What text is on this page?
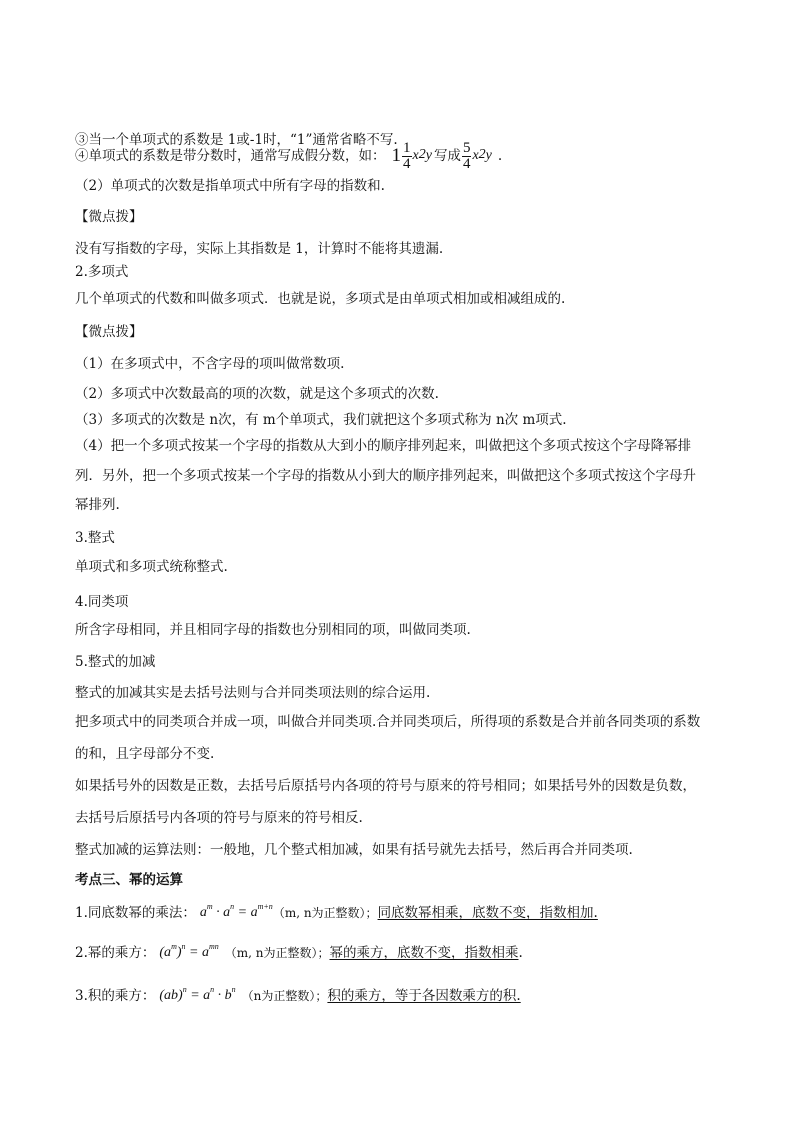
③当一个单项式的系数是 1或-1时，“1”通常省略不写.
④单项式的系数是带分数时，通常写成假分数，如： $1 \frac{1}{4} x^2$ y 写成 $\frac{5}{4} x^2$ y .
（2）单项式的次数是指单项式中所有字母的指数和.
【微点拨】
没有写指数的字母，实际上其指数是 1，计算时不能将其遗漏.
2.多项式
几个单项式的代数和叫做多项式．也就是说，多项式是由单项式相加或相减组成的.
【微点拨】
（1）在多项式中，不含字母的项叫做常数项.
（2）多项式中次数最高的项的次数，就是这个多项式的次数.
（3）多项式的次数是 n次，有 m个单项式，我们就把这个多项式称为 n次 m项式.
（4）把一个多项式按某一个字母的指数从大到小的顺序排列起来，叫做把这个多项式按这个字母降幂排
列．另外，把一个多项式按某一个字母的指数从小到大的顺序排列起来，叫做把这个多项式按这个字母升
幂排列.
3.整式
单项式和多项式统称整式.
4.同类项
所含字母相同，并且相同字母的指数也分别相同的项，叫做同类项.
5.整式的加减
整式的加减其实是去括号法则与合并同类项法则的综合运用.
把多项式中的同类项合并成一项，叫做合并同类项.合并同类项后，所得项的系数是合并前各同类项的系数
的和，且字母部分不变.
如果括号外的因数是正数，去括号后原括号内各项的符号与原来的符号相同；如果括号外的因数是负数，
去括号后原括号内各项的符号与原来的符号相反.
整式加减的运算法则：一般地，几个整式相加减，如果有括号就先去括号，然后再合并同类项.
考点三、幂的运算
1.同底数幂的乘法： $a^m \cdot a^n = a^{m+n}$ （m, n为正整数）； 同底数幂相乘，底数不变，指数相加.
2.幂的乘方： $(a^m)^n = a^{mn}$ （m, n为正整数）； 幂的乘方，底数不变，指数相乘 .
3.积的乘方： $(ab)^n = a^n \cdot b^n$ （n为正整数）； 积的乘方，等于各因数乘方的积.
